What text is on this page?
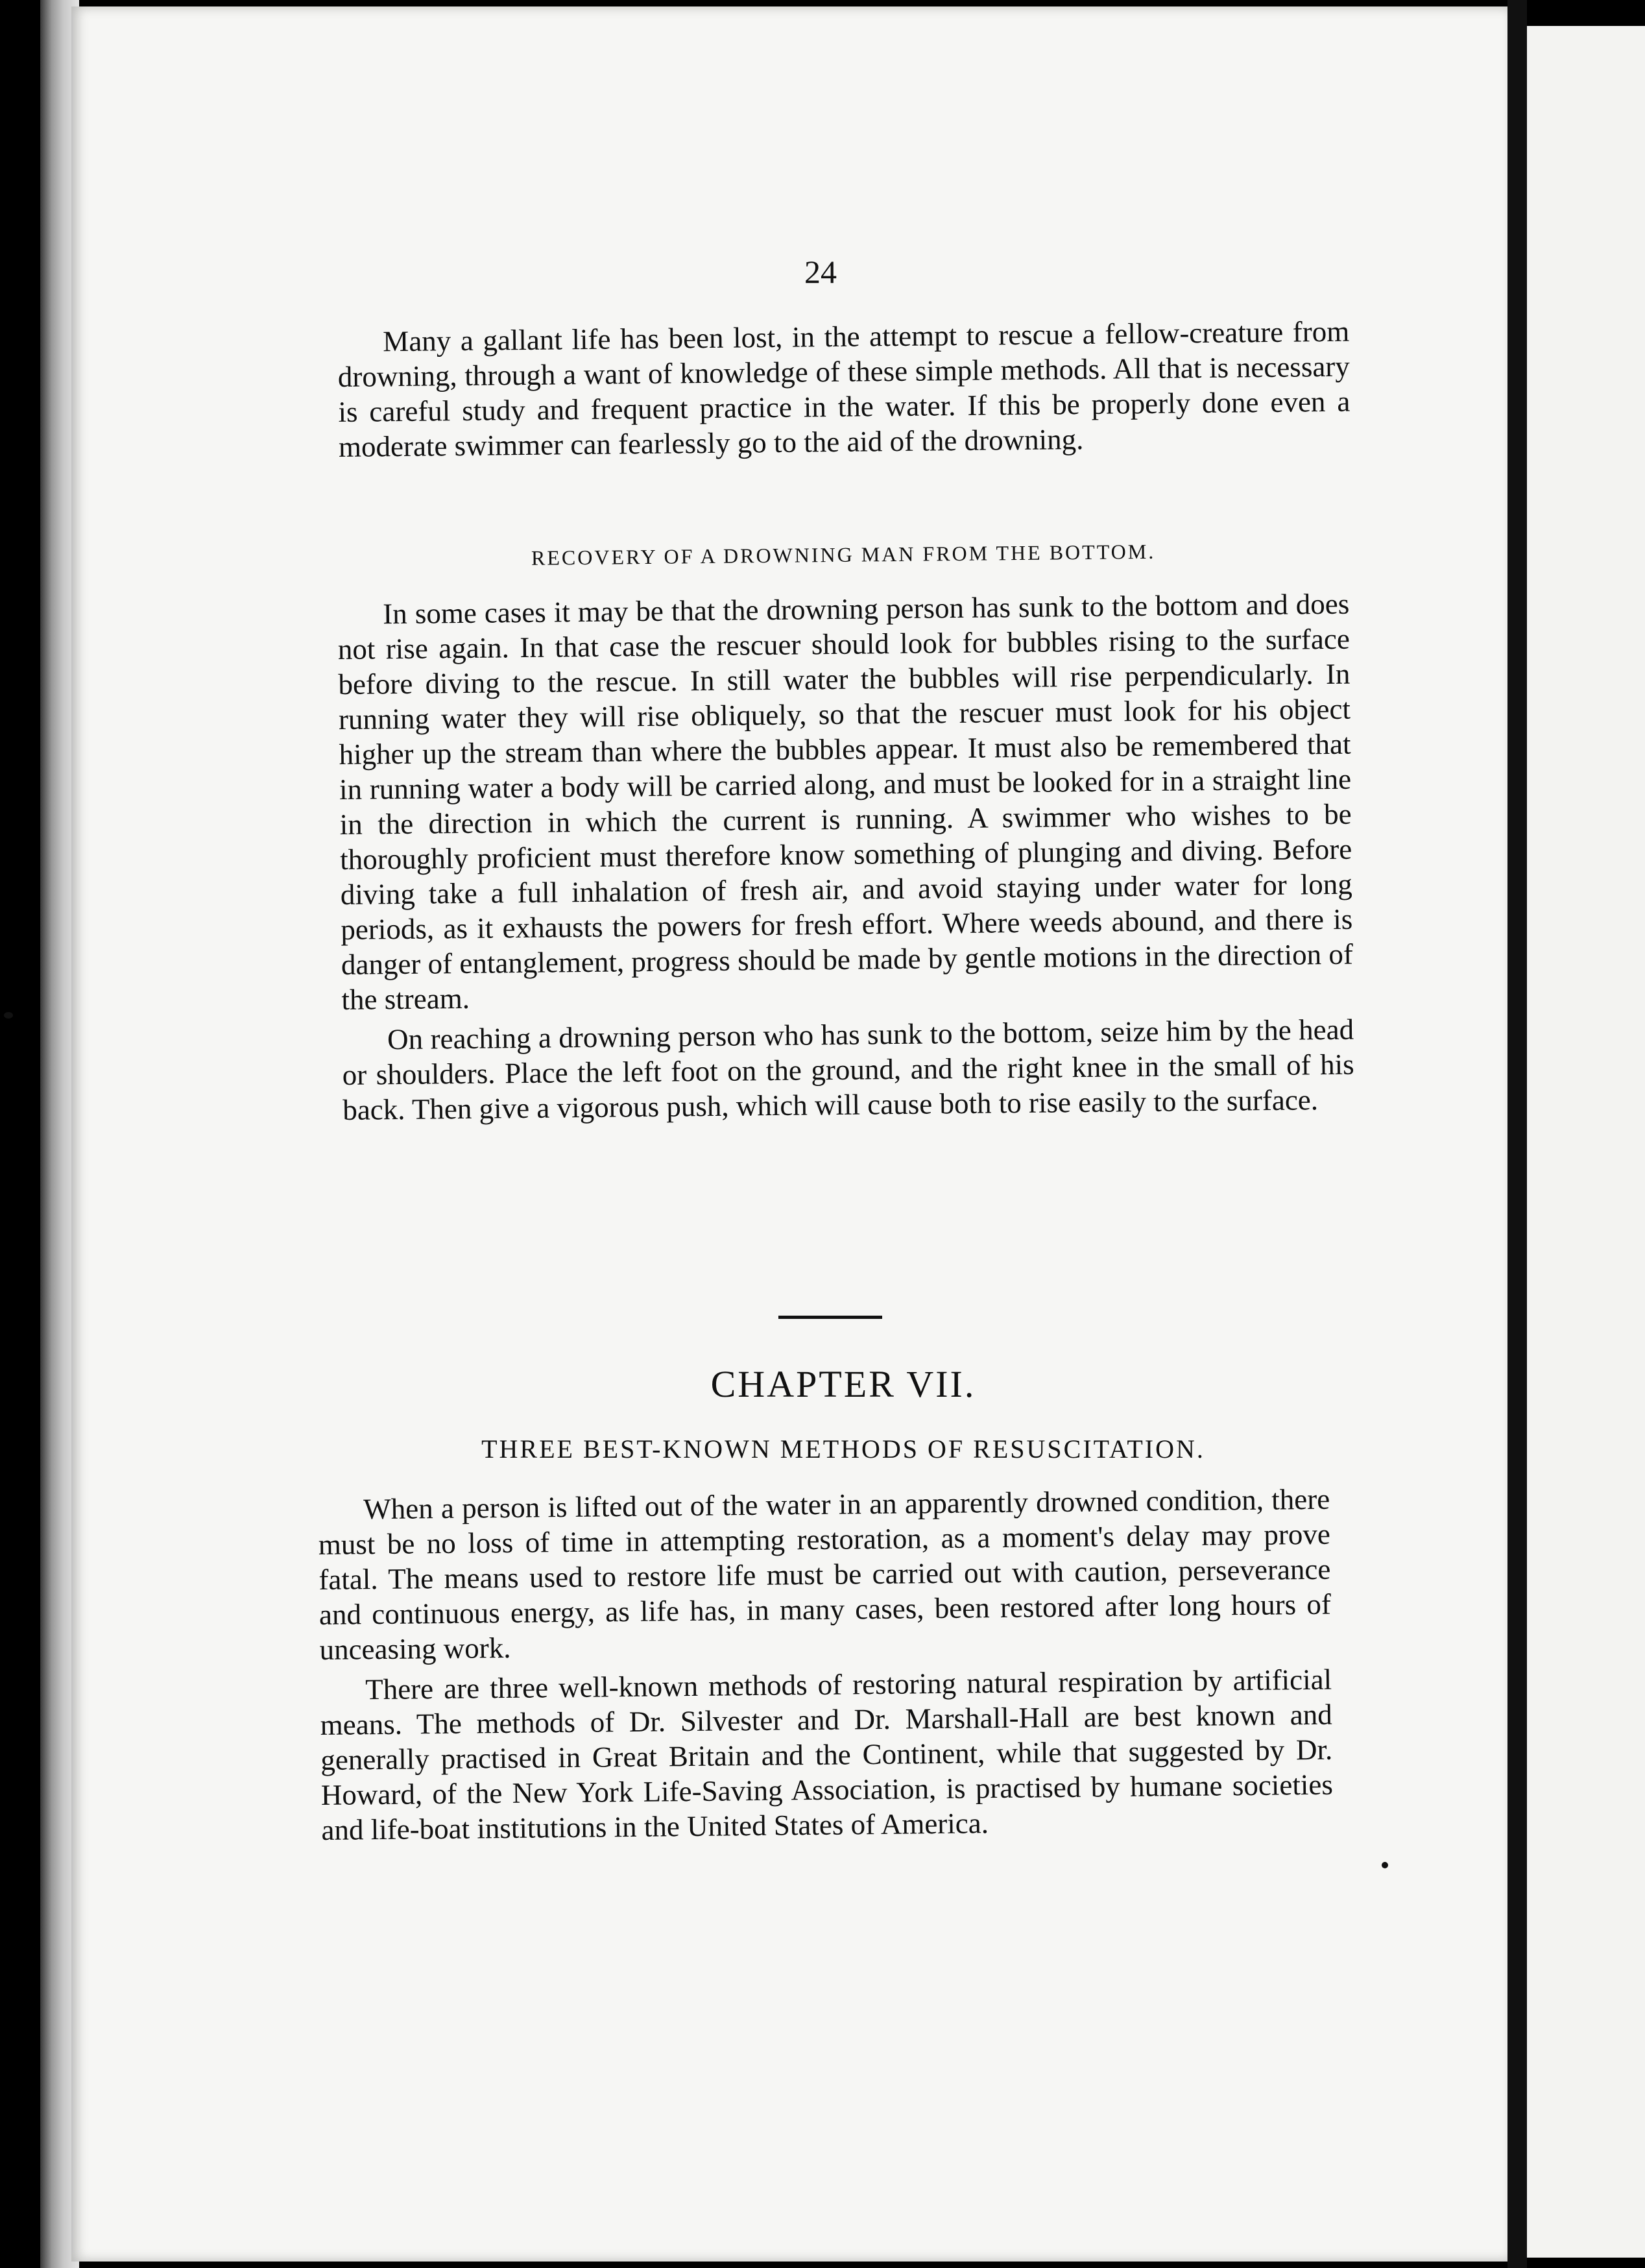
24

Many a gallant life has been lost, in the attempt to rescue a fellow-creature from drowning, through a want of knowledge of these simple methods. All that is necessary is careful study and frequent practice in the water. If this be properly done even a moderate swimmer can fearlessly go to the aid of the drowning.

RECOVERY OF A DROWNING MAN FROM THE BOTTOM.

In some cases it may be that the drowning person has sunk to the bottom and does not rise again. In that case the rescuer should look for bubbles rising to the surface before diving to the rescue. In still water the bubbles will rise perpendicularly. In running water they will rise obliquely, so that the rescuer must look for his object higher up the stream than where the bubbles appear. It must also be remembered that in running water a body will be carried along, and must be looked for in a straight line in the direction in which the current is running. A swimmer who wishes to be thoroughly proficient must therefore know something of plunging and diving. Before diving take a full inhalation of fresh air, and avoid staying under water for long periods, as it exhausts the powers for fresh effort. Where weeds abound, and there is danger of entanglement, progress should be made by gentle motions in the direction of the stream.

On reaching a drowning person who has sunk to the bottom, seize him by the head or shoulders. Place the left foot on the ground, and the right knee in the small of his back. Then give a vigorous push, which will cause both to rise easily to the surface.

CHAPTER VII.
THREE BEST-KNOWN METHODS OF RESUSCITATION.

When a person is lifted out of the water in an apparently drowned condition, there must be no loss of time in attempting restoration, as a moment's delay may prove fatal. The means used to restore life must be carried out with caution, perseverance and continuous energy, as life has, in many cases, been restored after long hours of unceasing work.

There are three well-known methods of restoring natural respiration by artificial means. The methods of Dr. Silvester and Dr. Marshall-Hall are best known and generally practised in Great Britain and the Continent, while that suggested by Dr. Howard, of the New York Life-Saving Association, is practised by humane societies and life-boat institutions in the United States of America.
